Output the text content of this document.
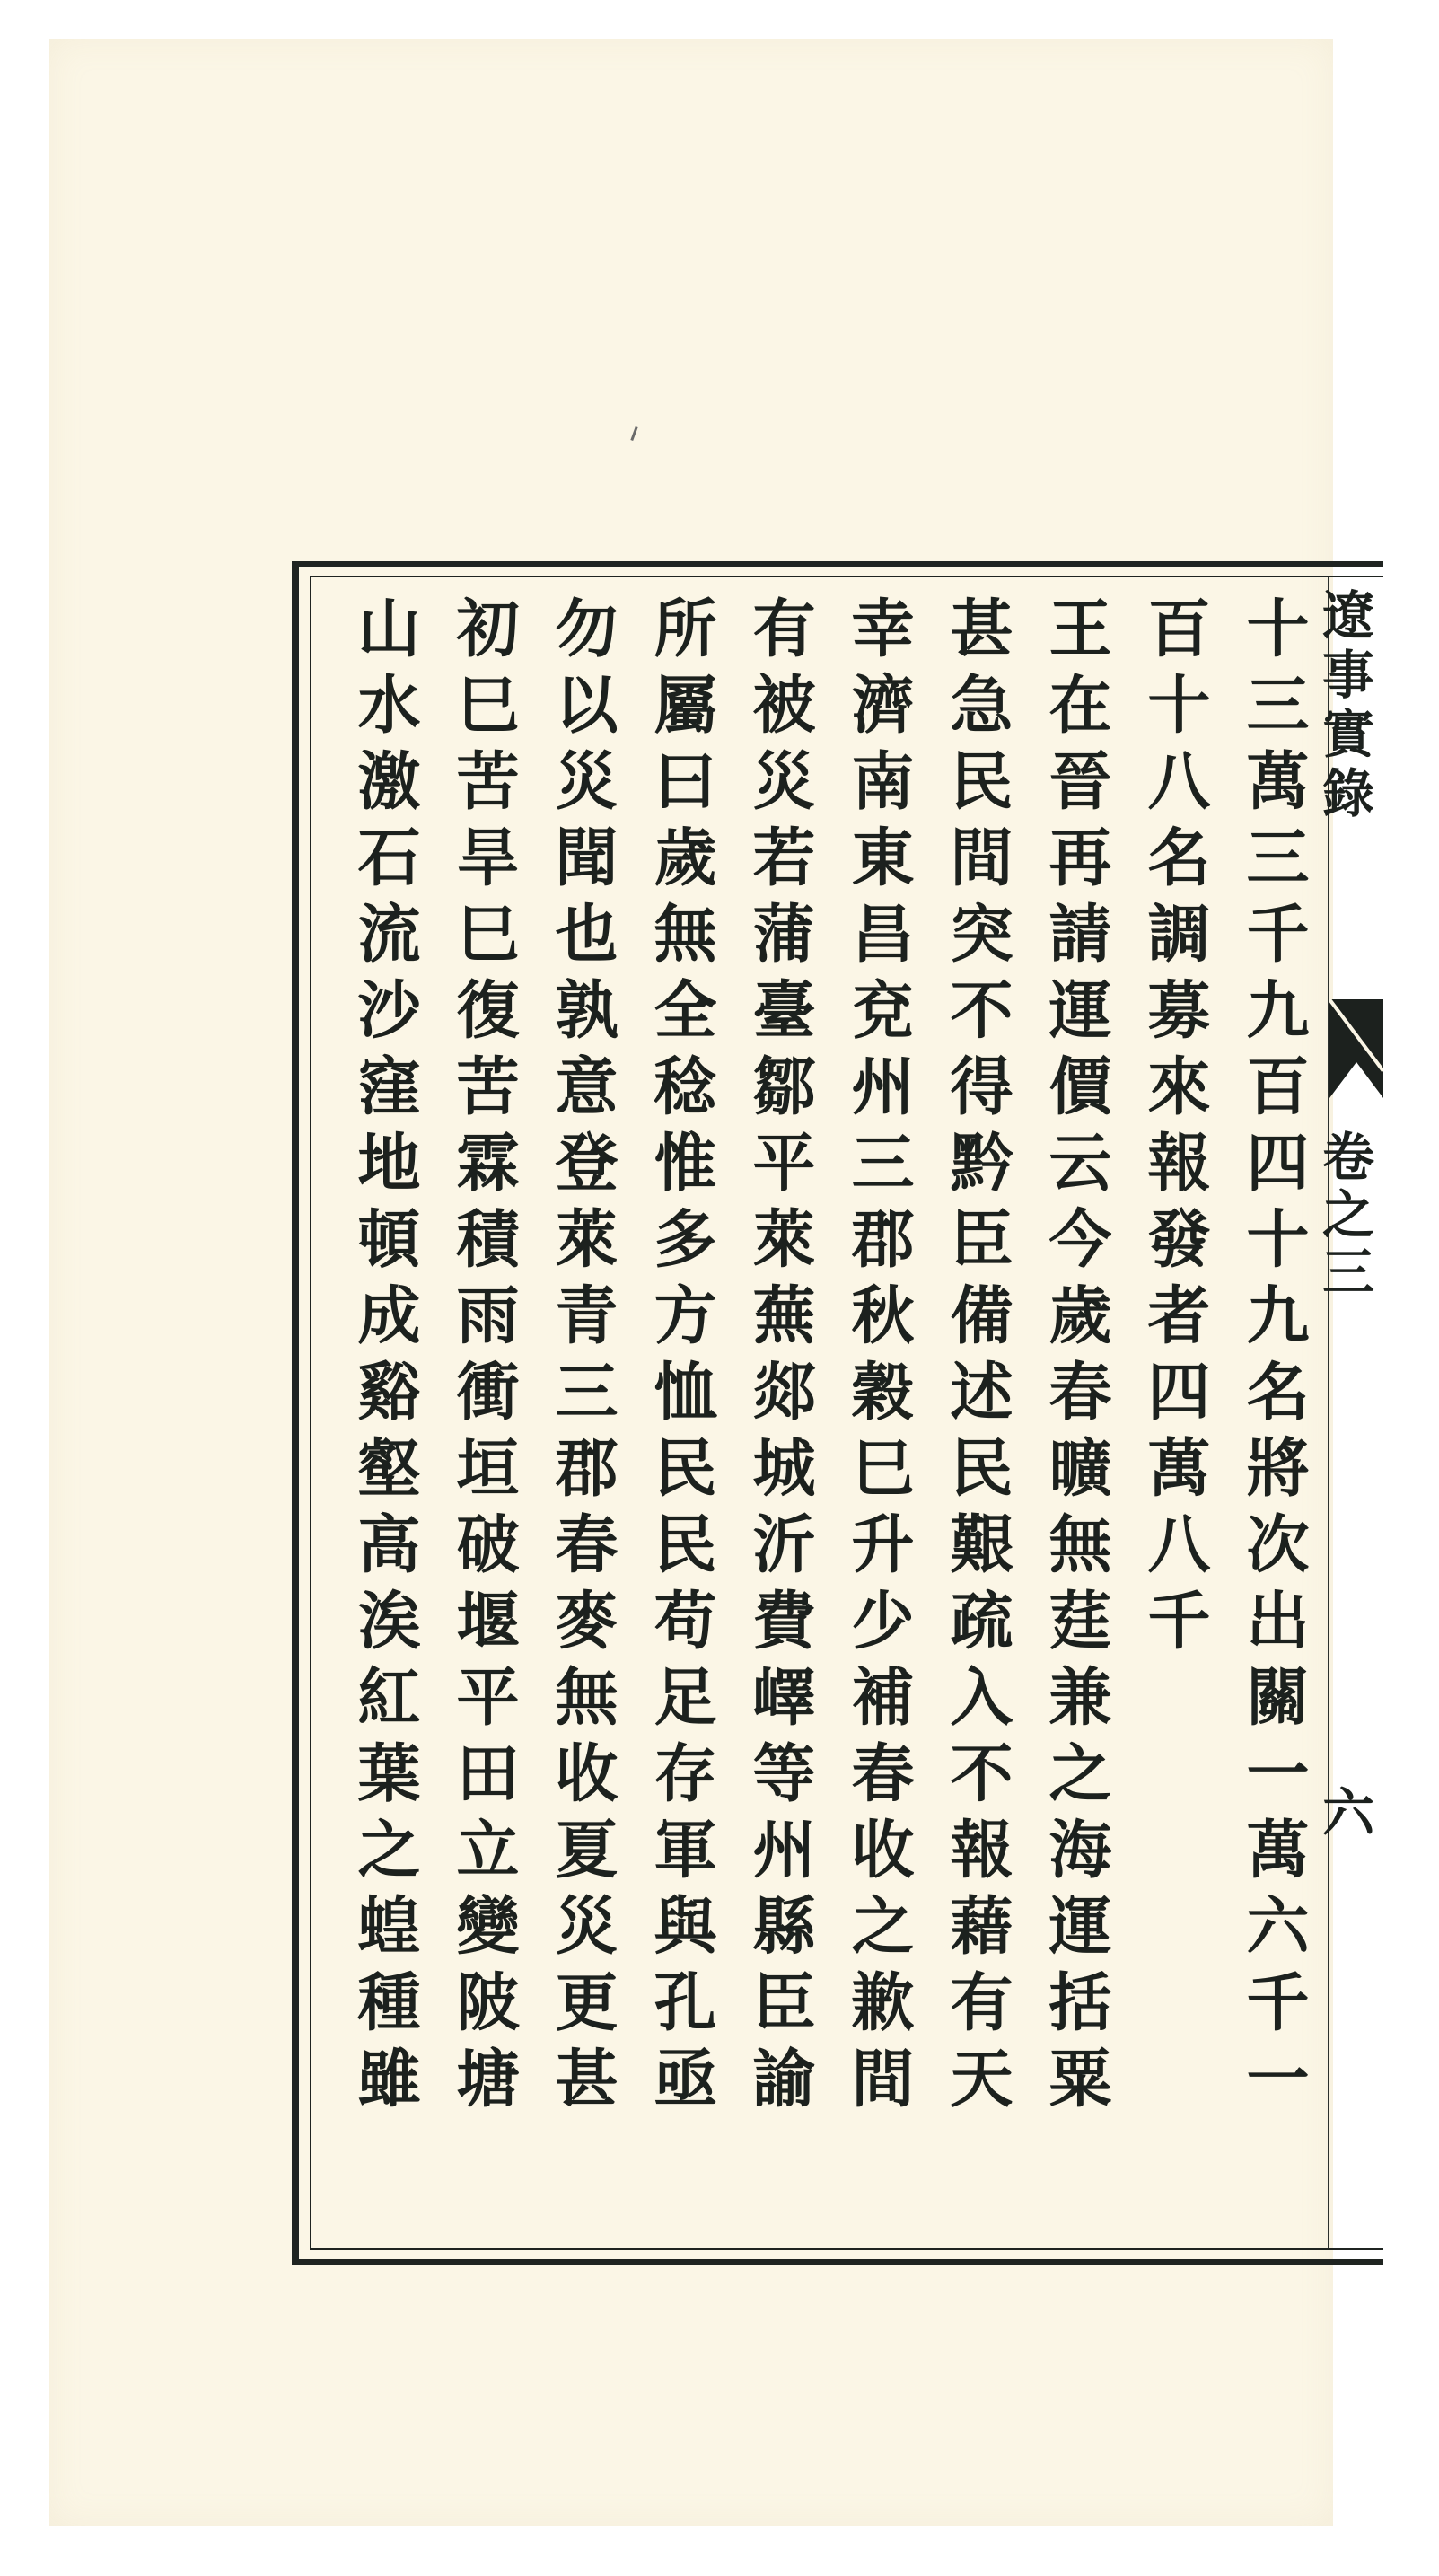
遼事實錄
卷之三
六
十三萬三千九百四十九名將次出關一萬六千一
百十八名調募來報發者四萬八千
王在晉再請運價云今歲春曠無莛兼之海運括粟
甚急民間突不得黔臣備述民艱疏入不報藉有天
幸濟南東昌兗州三郡秋穀巳升少補春收之歉間
有被災若蒲臺鄒平萊蕪郯城沂費嶧等州縣臣諭
所屬曰歲無全稔惟多方恤民民苟足存軍與孔亟
勿以災聞也孰意登萊青三郡春麥無收夏災更甚
初巳苦旱巳復苦霖積雨衝垣破堰平田立變陂塘
山水激石流沙窪地頓成谿壑高涘紅葉之蝗種雖
